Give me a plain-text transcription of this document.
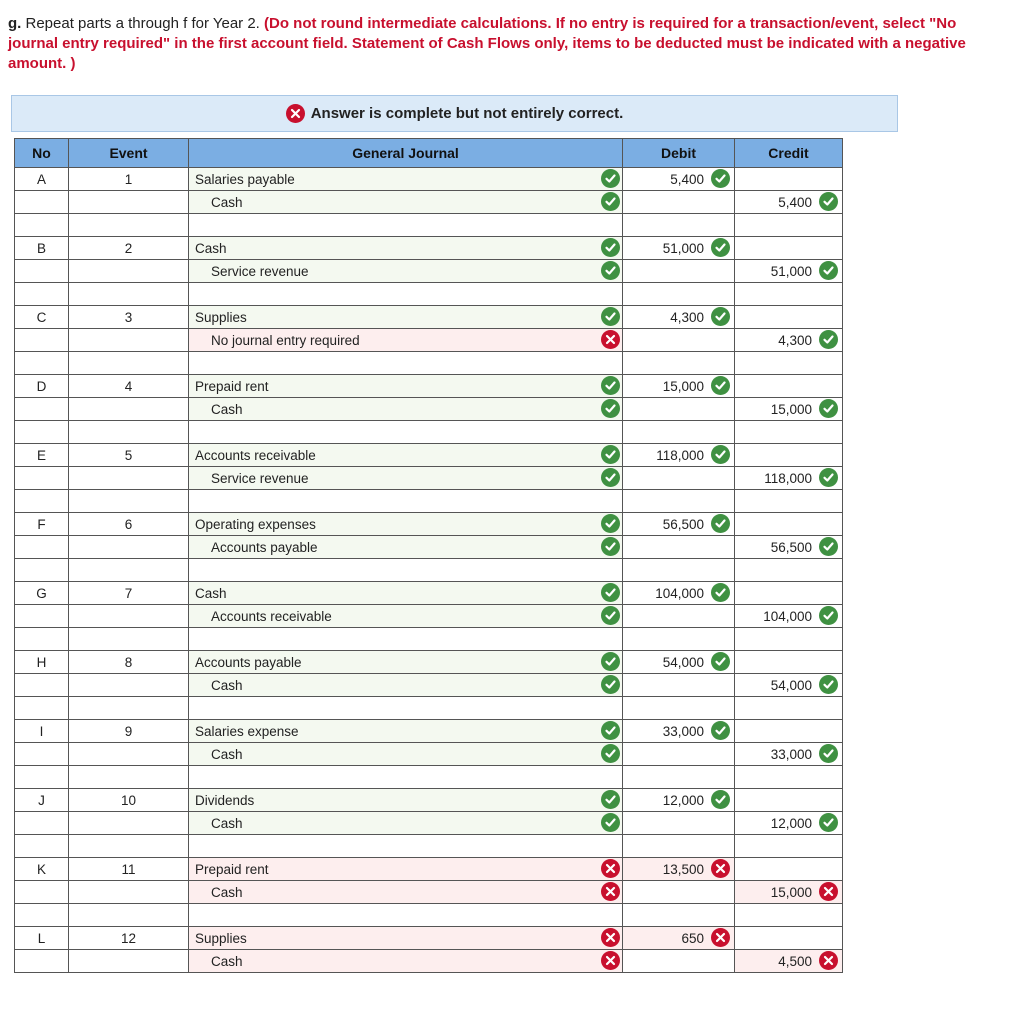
g. Repeat parts a through f for Year 2. (Do not round intermediate calculations. If no entry is required for a transaction/event, select "No journal entry required" in the first account field. Statement of Cash Flows only, items to be deducted must be indicated with a negative amount. )
Answer is complete but not entirely correct.
No	Event	General Journal	Debit	Credit
A	1	Salaries payable	5,400

		Cash		5,400

B	2	Cash	51,000

		Service revenue		51,000

C	3	Supplies	4,300

		No journal entry required		4,300

D	4	Prepaid rent	15,000

		Cash		15,000

E	5	Accounts receivable	118,000

		Service revenue		118,000

F	6	Operating expenses	56,500

		Accounts payable		56,500

G	7	Cash	104,000

		Accounts receivable		104,000

H	8	Accounts payable	54,000

		Cash		54,000

I	9	Salaries expense	33,000

		Cash		33,000

J	10	Dividends	12,000

		Cash		12,000

K	11	Prepaid rent	13,500

		Cash		15,000

L	12	Supplies	650

		Cash		4,500
